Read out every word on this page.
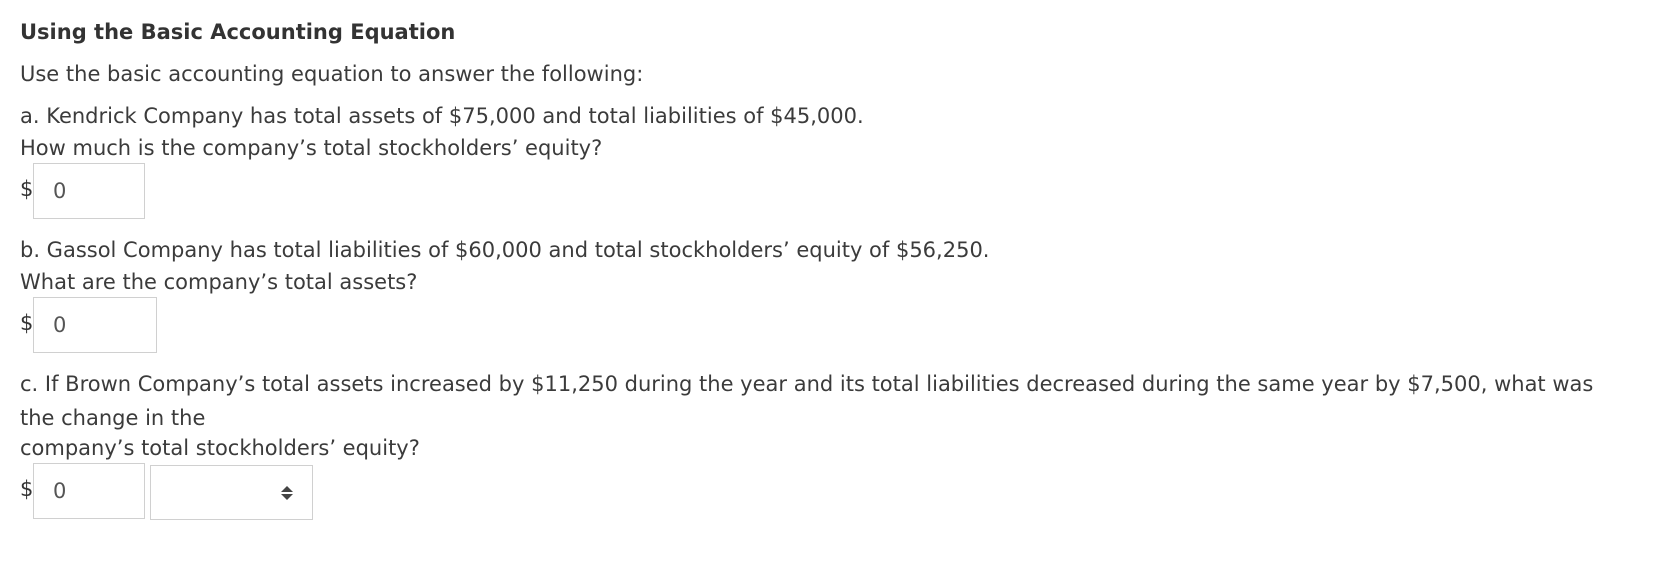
Using the Basic Accounting Equation
Use the basic accounting equation to answer the following:
a. Kendrick Company has total assets of $75,000 and total liabilities of $45,000.
How much is the company’s total stockholders’ equity?
$
0
b. Gassol Company has total liabilities of $60,000 and total stockholders’ equity of $56,250.
What are the company’s total assets?
$
0
c. If Brown Company’s total assets increased by $11,250 during the year and its total liabilities decreased during the same year by $7,500, what was the change in the
company’s total stockholders’ equity?
$
0
